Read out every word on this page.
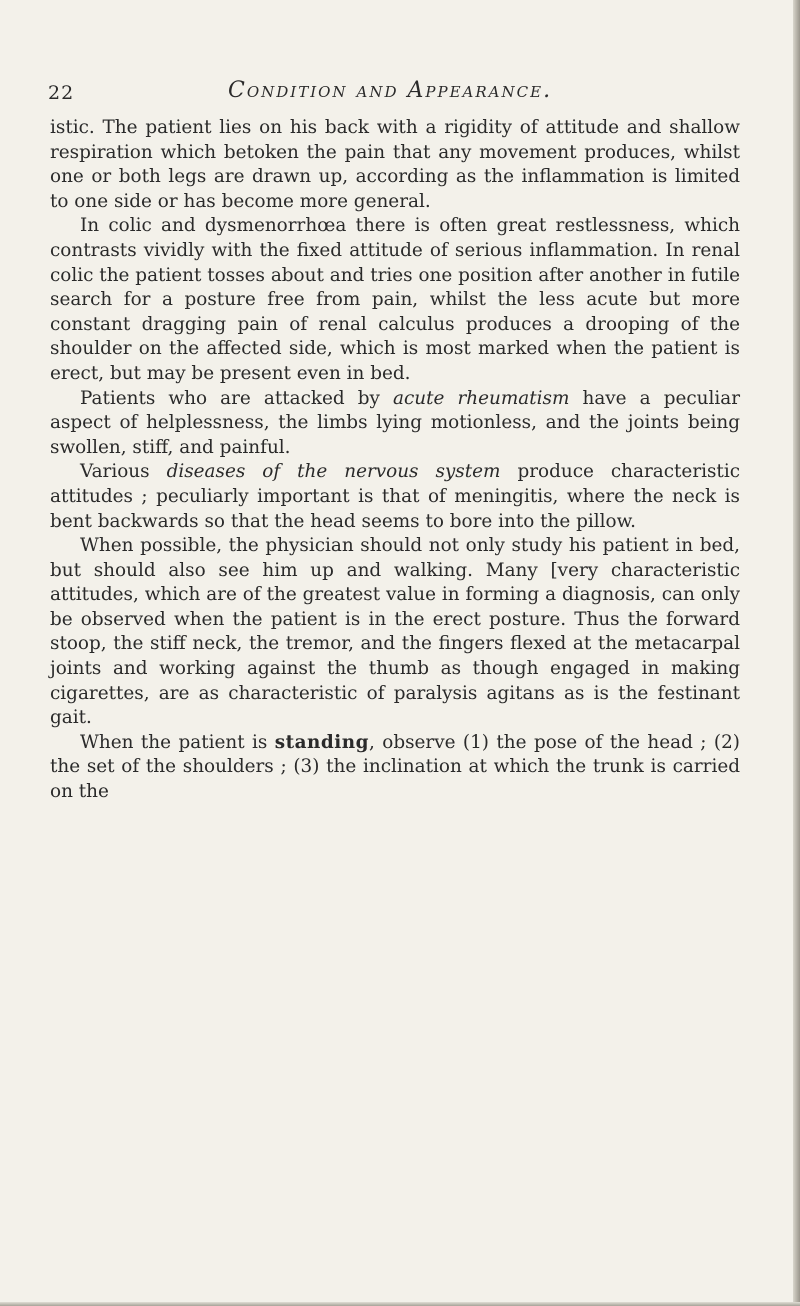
22	Condition and Appearance.

istic. The patient lies on his back with a rigidity of attitude and shallow respiration which betoken the pain that any movement produces, whilst one or both legs are drawn up, according as the inflammation is limited to one side or has become more general.

In colic and dysmenorrhœa there is often great restlessness, which contrasts vividly with the fixed attitude of serious inflammation. In renal colic the patient tosses about and tries one position after another in futile search for a posture free from pain, whilst the less acute but more constant dragging pain of renal calculus produces a drooping of the shoulder on the affected side, which is most marked when the patient is erect, but may be present even in bed.

Patients who are attacked by acute rheumatism have a peculiar aspect of helplessness, the limbs lying motionless, and the joints being swollen, stiff, and painful.

Various diseases of the nervous system produce characteristic attitudes ; peculiarly important is that of meningitis, where the neck is bent backwards so that the head seems to bore into the pillow.

When possible, the physician should not only study his patient in bed, but should also see him up and walking. Many [very characteristic attitudes, which are of the greatest value in forming a diagnosis, can only be observed when the patient is in the erect posture. Thus the forward stoop, the stiff neck, the tremor, and the fingers flexed at the metacarpal joints and working against the thumb as though engaged in making cigarettes, are as characteristic of paralysis agitans as is the festinant gait.

When the patient is standing, observe (1) the pose of the head ; (2) the set of the shoulders ; (3) the inclination at which the trunk is carried on the
